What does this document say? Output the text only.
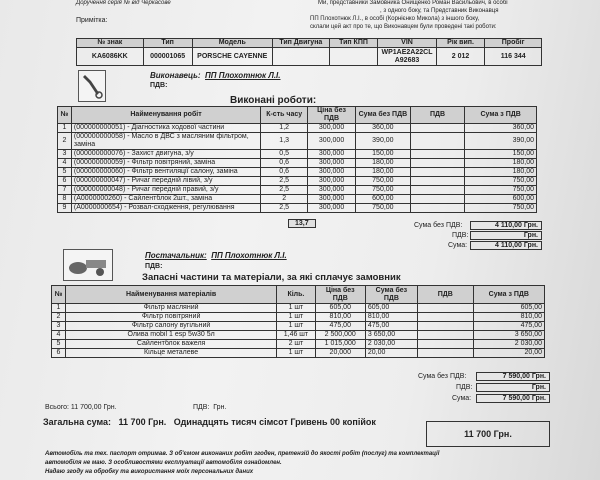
Доручення серія № від Черкасове
Примітка:
Ми, представники Замовника Онищенко Роман Васильович, в особі
, з одного боку, та Представник Виконавця
ПП Плохотнюк Л.І., в особі (Корнієнко Микола) з іншого боку,
склали цей акт про те, що Виконавцем були проведені такі роботи:
№ знак	Тип	Модель	Тип Двигуна	Тип КПП	VIN	Рік вип.	Пробіг
KA6086KK	000001065	PORSCHE CAYENNE			WP1AE2A22CLA92683	2 012	116 344
Виконавець: ПП Плохотнюк Л.І.
ПДВ:
Виконані роботи:
№	Найменування робіт	К-сть часу	Ціна без ПДВ	Сума без ПДВ	ПДВ	Сума з ПДВ
1	(000000000051) - Діагностика ходової частини	1,2	300,000	360,00		360,00
2	(000000000058) - Масло в ДВС з масляним фільтром, заміна	1,3	300,000	390,00		390,00
3	(000000000076) - Захист двигуна, з/у	0,5	300,000	150,00		150,00
4	(000000000059) - Фільтр повітряний, заміна	0,6	300,000	180,00		180,00
5	(000000000060) - Фільтр вентиляції салону, заміна	0,6	300,000	180,00		180,00
6	(000000000047) - Ричаг передній лівий, з/у	2,5	300,000	750,00		750,00
7	(000000000048) - Ричаг передній правий, з/у	2,5	300,000	750,00		750,00
8	(A0000000260) - Сайлентблок 2шт., заміна	2	300,000	600,00		600,00
9	(A0000000654) - Розвал-сходження, регулювання	2,5	300,000	750,00		750,00
13,7	Сума без ПДВ:	4 110,00 Грн.
ПДВ:	Грн.
Сума:	4 110,00 Грн.
Постачальник: ПП Плохотнюк Л.І.
ПДВ:
Запасні частини та матеріали, за які сплачує замовник
№	Найменування матеріалів	Кіль.	Ціна без ПДВ	Сума без ПДВ	ПДВ	Сума з ПДВ
1	Фільтр масляний	1 шт	605,00	605,00		605,00
2	Фільтр повітряний	1 шт	810,00	810,00		810,00
3	Фільтр салону вугільний	1 шт	475,00	475,00		475,00
4	Олива mobil 1 esp 5w30 5л	1,46 шт	2 500,000	3 650,00		3 650,00
5	Сайлентблок важеля	2 шт	1 015,000	2 030,00		2 030,00
6	Кільце металеве	1 шт	20,000	20,00		20,00
Сума без ПДВ:	7 590,00 Грн.
ПДВ:	Грн.
Сума:	7 590,00 Грн.
Всього: 11 700,00 Грн.	ПДВ: Грн.
Загальна сума: 11 700 Грн. Одинадцять тисяч сімсот Гривень 00 копійок
11 700 Грн.
Автомобіль та тех. паспорт отримав. З об'ємом виконаних робіт згоден, претензій до якості робіт (послуг) та комплектації
автомобіля не маю. З особливостями експлуатації автомобіля ознайомлен.
Надаю згоду на обробку та використання моїх персональних даних
